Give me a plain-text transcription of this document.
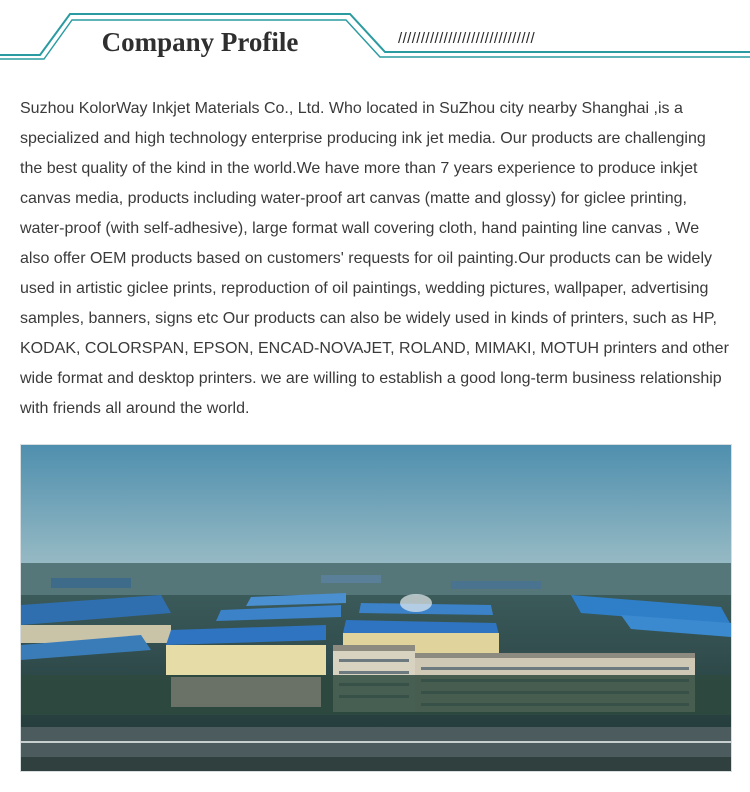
Company Profile	//////////////////////////////
Suzhou KolorWay Inkjet Materials Co., Ltd. Who located in SuZhou city nearby Shanghai ,is a specialized and high technology enterprise producing ink jet media. Our products are challenging the best quality of the kind in the world.We have more than 7 years experience to produce inkjet canvas media, products including water-proof art canvas (matte and glossy) for giclee printing, water-proof (with self-adhesive), large format wall covering cloth, hand painting line canvas , We also offer OEM products based on customers' requests for oil painting.Our products can be widely used in artistic giclee prints, reproduction of oil paintings, wedding pictures, wallpaper, advertising samples, banners, signs etc Our products can also be widely used in kinds of printers, such as HP, KODAK, COLORSPAN, EPSON, ENCAD-NOVAJET, ROLAND, MIMAKI, MOTUH printers and other wide format and desktop printers. we are willing to establish a good long-term business relationship with friends all around the world.
